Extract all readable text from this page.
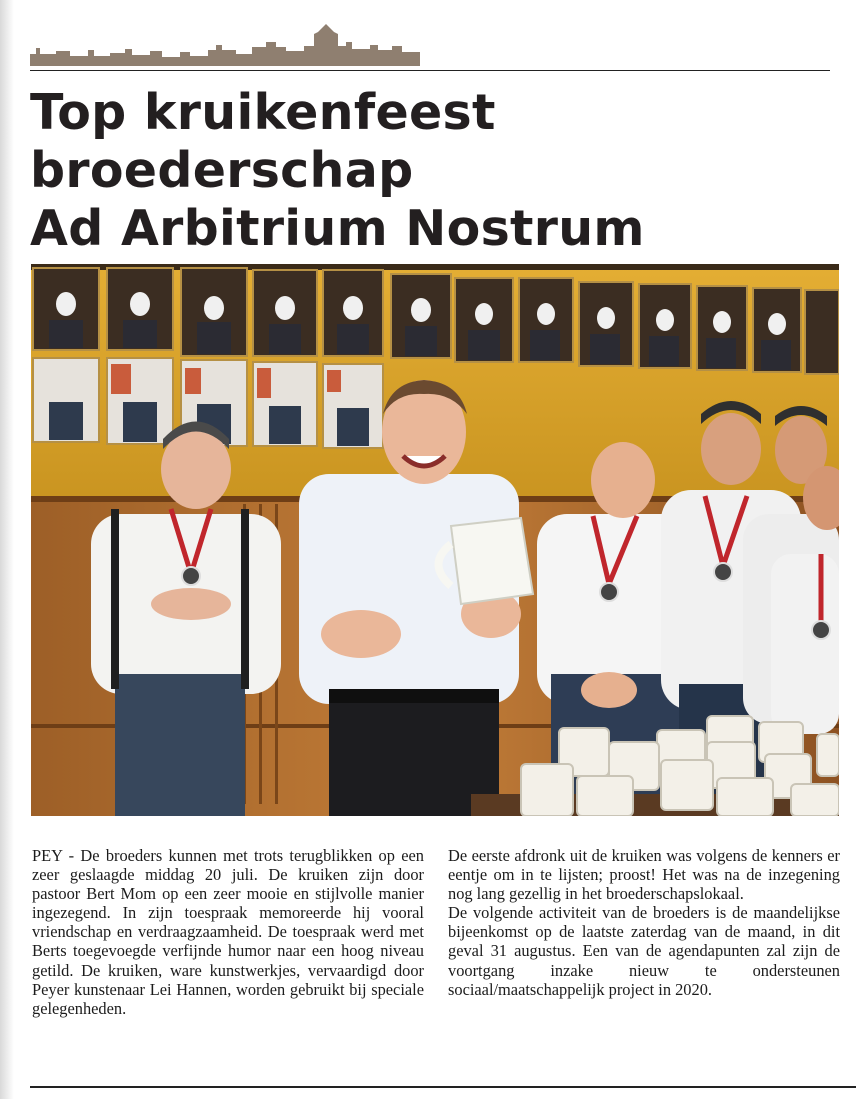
Top kruikenfeest
broederschap
Ad Arbitrium Nostrum

PEY - De broeders kunnen met trots terugblikken op een zeer geslaagde middag 20 juli. De kruiken zijn door pastoor Bert Mom op een zeer mooie en stijlvolle manier ingezegend. In zijn toespraak memoreerde hij vooral vriendschap en verdraagzaamheid. De toespraak werd met Berts toegevoegde verfijnde humor naar een hoog niveau getild. De kruiken, ware kunstwerkjes, vervaardigd door Peyer kunstenaar Lei Hannen, worden gebruikt bij speciale gelegenheden.

De eerste afdronk uit de kruiken was volgens de kenners er eentje om in te lijsten; proost! Het was na de inzegening nog lang gezellig in het broederschapslokaal.

De volgende activiteit van de broeders is de maandelijkse bijeenkomst op de laatste zaterdag van de maand, in dit geval 31 augustus. Een van de agendapunten zal zijn de voortgang inzake nieuw te ondersteunen sociaal/maatschappelijk project in 2020.
